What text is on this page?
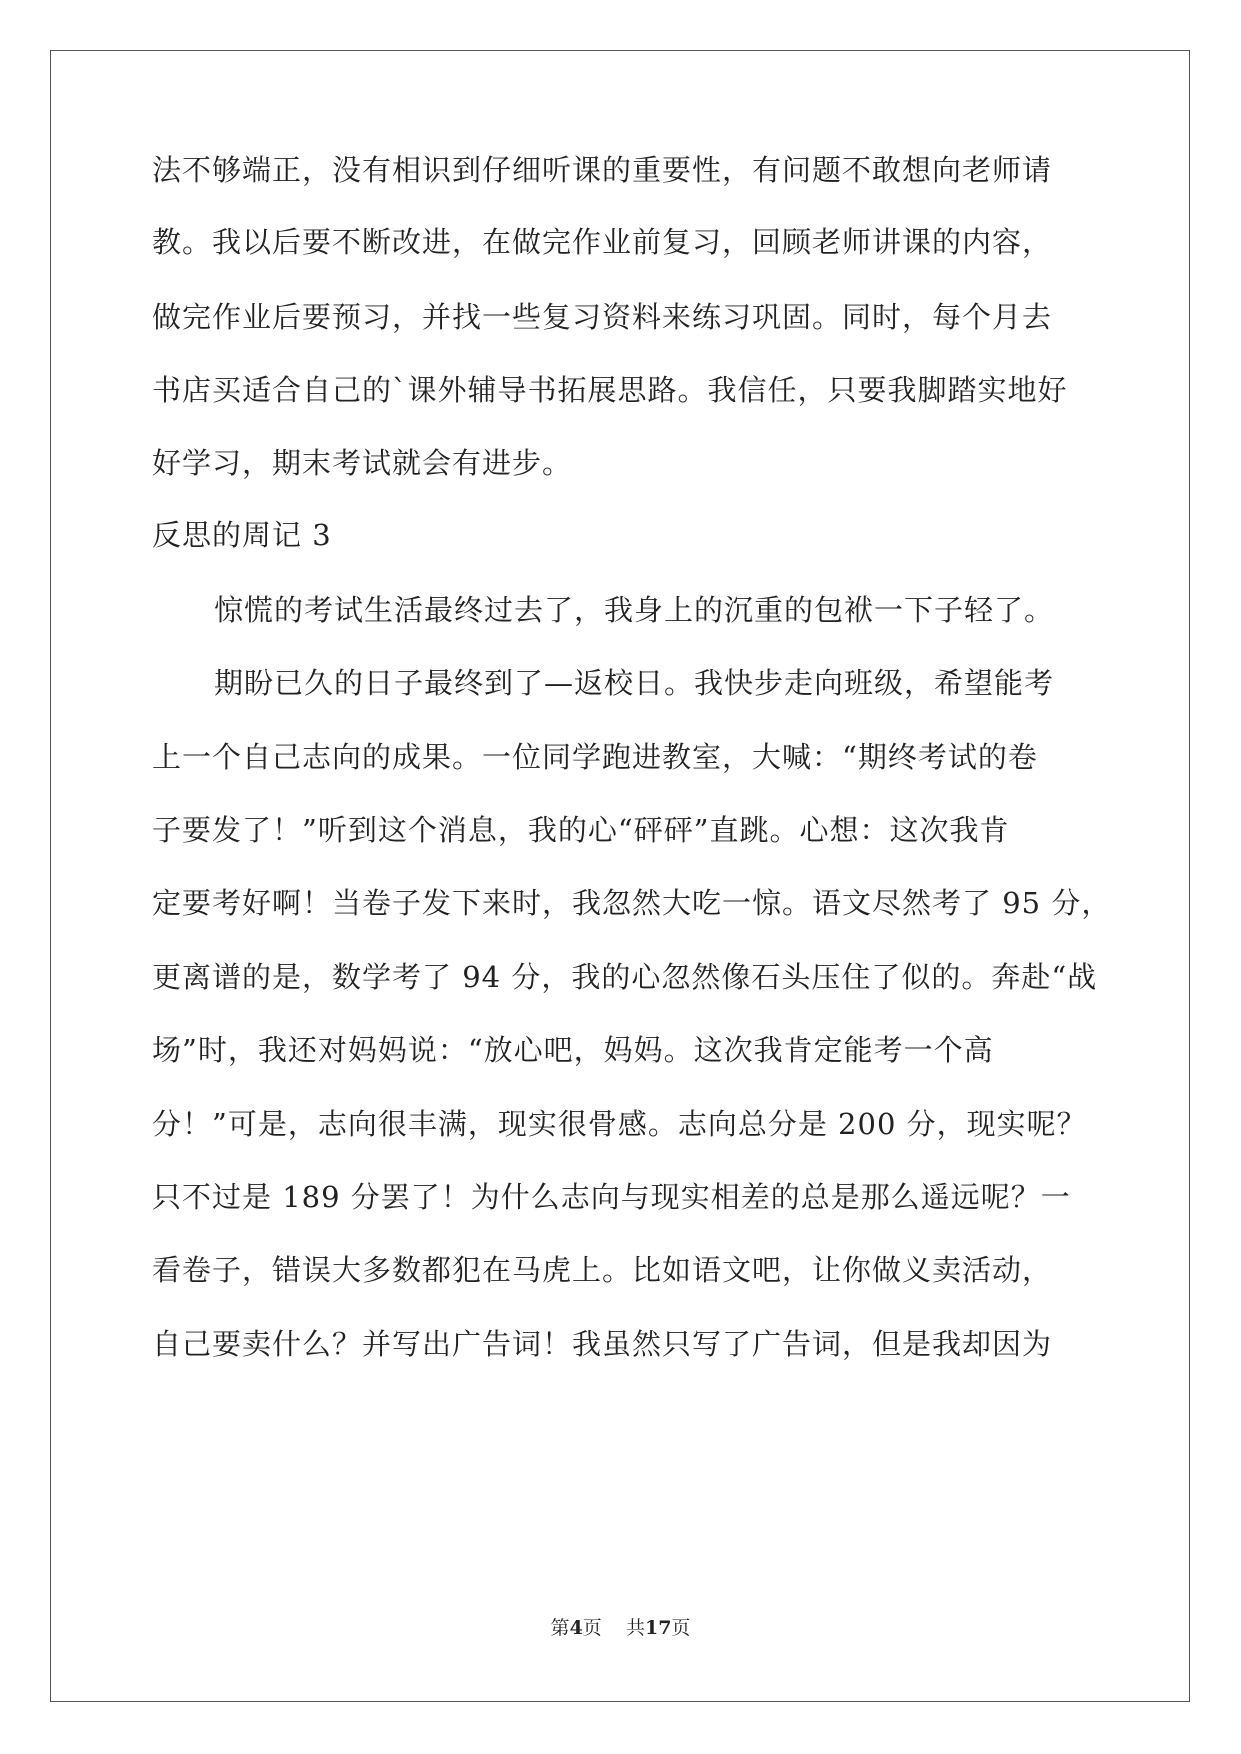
法不够端正，没有相识到仔细听课的重要性，有问题不敢想向老师请
教。我以后要不断改进，在做完作业前复习，回顾老师讲课的内容，
做完作业后要预习，并找一些复习资料来练习巩固。同时，每个月去
书店买适合自己的`课外辅导书拓展思路。我信任，只要我脚踏实地好
好学习，期末考试就会有进步。
反思的周记 3
惊慌的考试生活最终过去了，我身上的沉重的包袱一下子轻了。
期盼已久的日子最终到了—返校日。我快步走向班级，希望能考
上一个自己志向的成果。一位同学跑进教室，大喊：“期终考试的卷
子要发了！”听到这个消息，我的心“砰砰”直跳。心想：这次我肯
定要考好啊！当卷子发下来时，我忽然大吃一惊。语文尽然考了 95 分，
更离谱的是，数学考了 94 分，我的心忽然像石头压住了似的。奔赴“战
场”时，我还对妈妈说：“放心吧，妈妈。这次我肯定能考一个高
分！”可是，志向很丰满，现实很骨感。志向总分是 200 分，现实呢？
只不过是 189 分罢了！为什么志向与现实相差的总是那么遥远呢？一
看卷子，错误大多数都犯在马虎上。比如语文吧，让你做义卖活动，
自己要卖什么？并写出广告词！我虽然只写了广告词，但是我却因为
第4页    共17页
